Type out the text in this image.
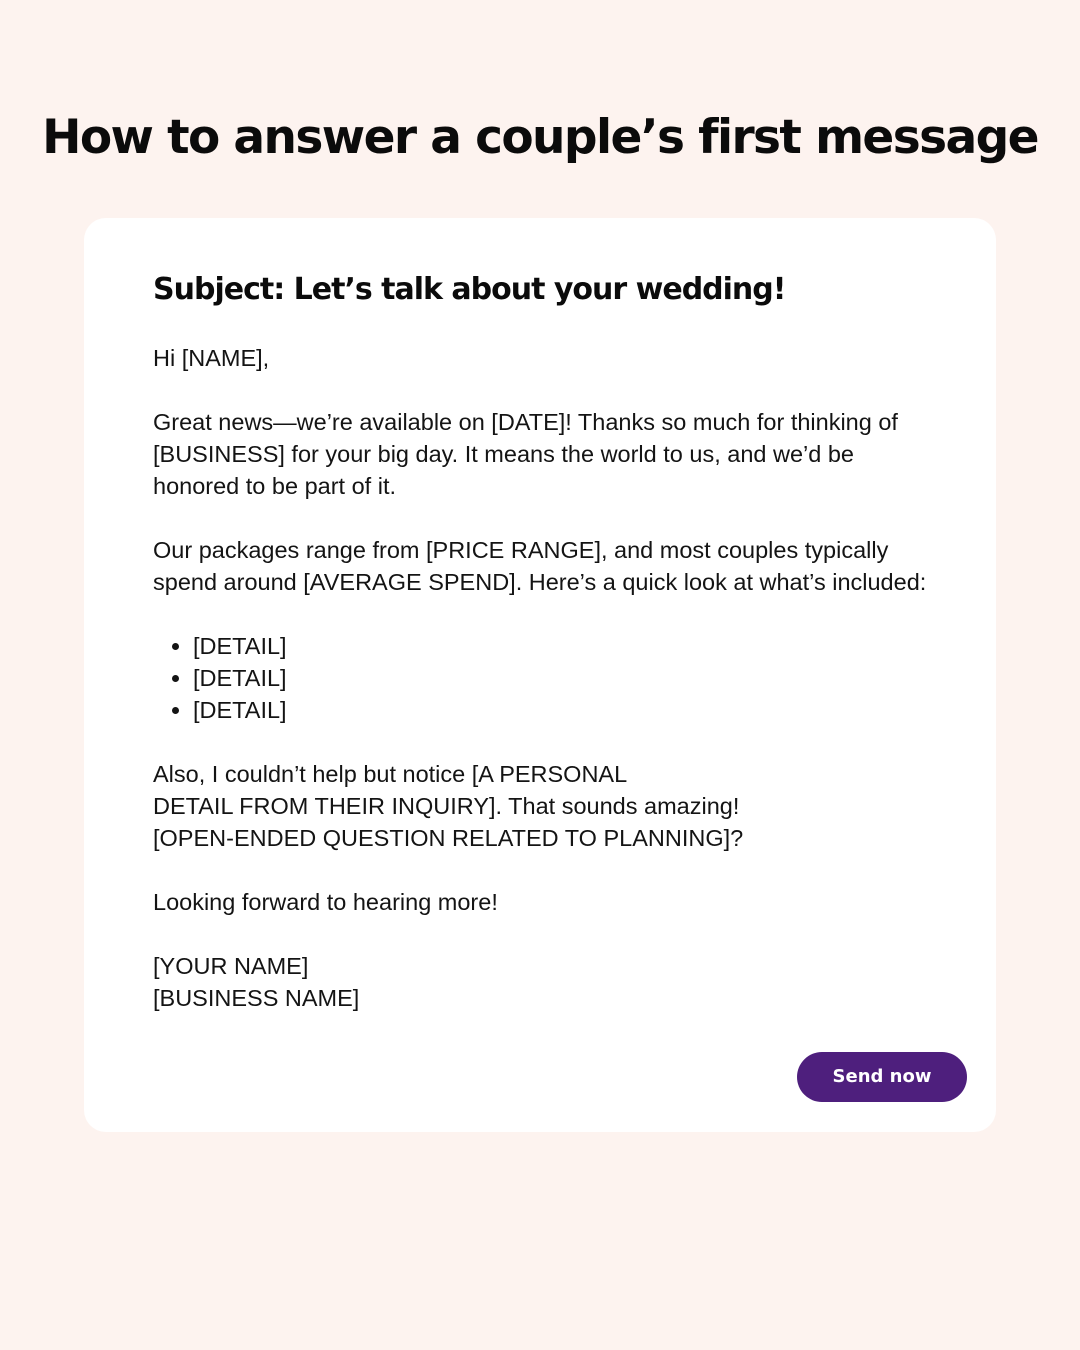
How to answer a couple’s first message
Subject: Let’s talk about your wedding!

Hi [NAME],

Great news—we’re available on [DATE]! Thanks so much for thinking of [BUSINESS] for your big day. It means the world to us, and we’d be honored to be part of it.

Our packages range from [PRICE RANGE], and most couples typically spend around [AVERAGE SPEND]. Here’s a quick look at what’s included:

• [DETAIL]
• [DETAIL]
• [DETAIL]

Also, I couldn’t help but notice [A PERSONAL

DETAIL FROM THEIR INQUIRY]. That sounds amazing!

[OPEN-ENDED QUESTION RELATED TO PLANNING]?

Looking forward to hearing more!

[YOUR NAME]

[BUSINESS NAME]

Send now
